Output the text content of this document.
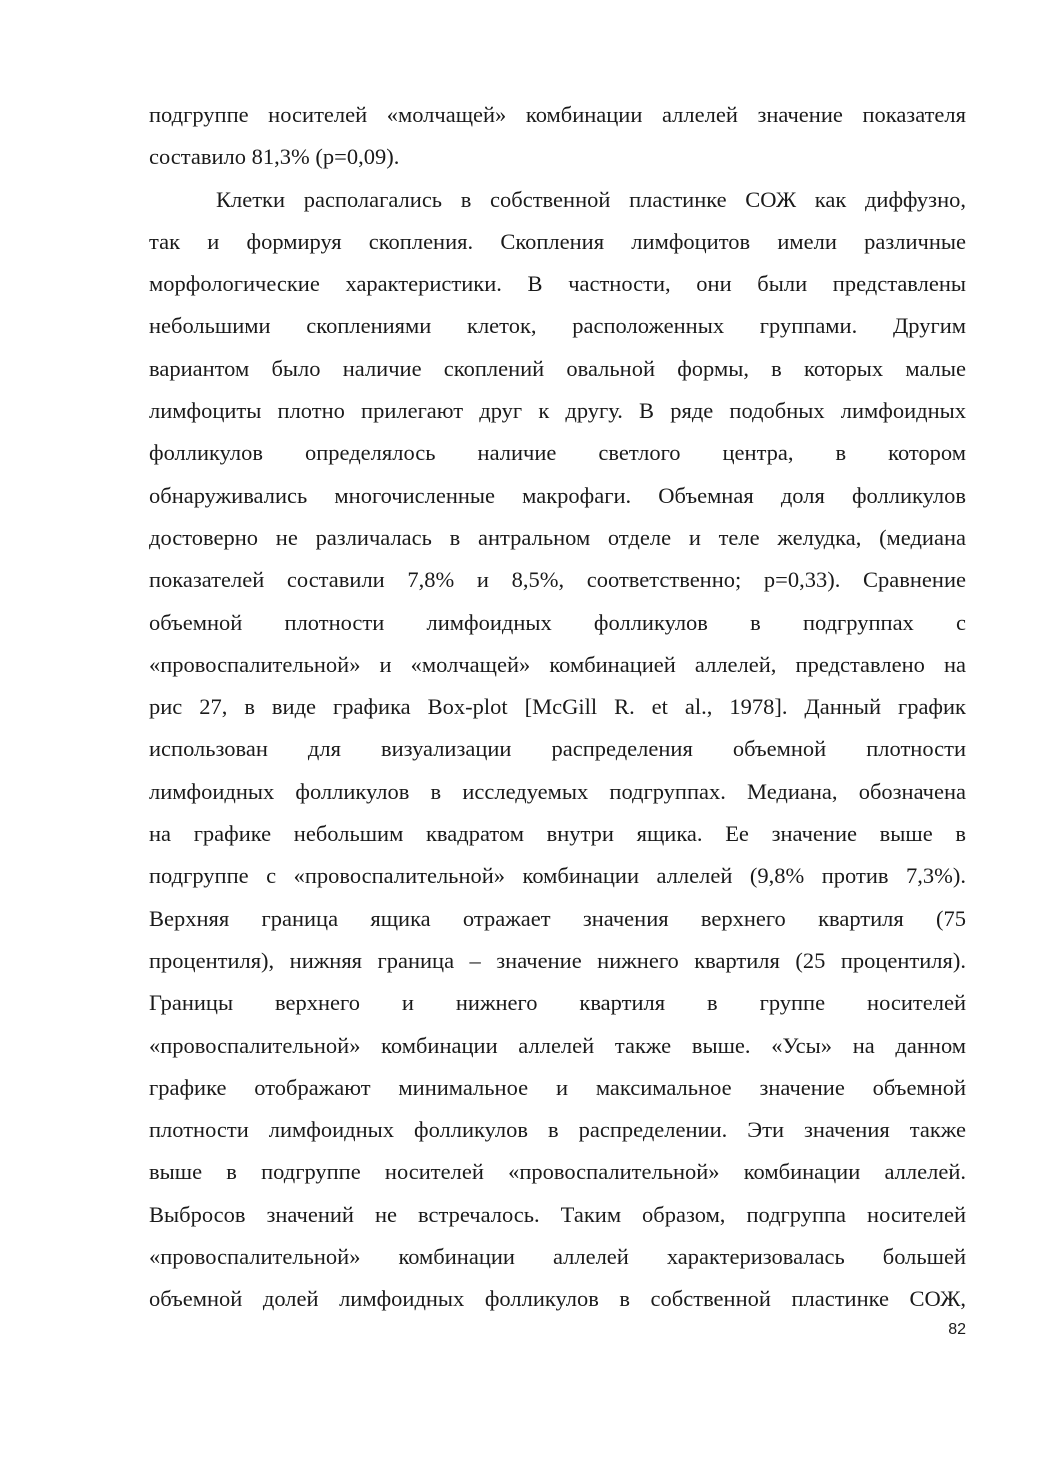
подгруппе носителей «молчащей» комбинации аллелей значение показателя
составило 81,3% (p=0,09).
Клетки располагались в собственной пластинке СОЖ как диффузно,
так и формируя скопления. Скопления лимфоцитов имели различные
морфологические характеристики. В частности, они были представлены
небольшими скоплениями клеток, расположенных группами. Другим
вариантом было наличие скоплений овальной формы, в которых малые
лимфоциты плотно прилегают друг к другу. В ряде подобных лимфоидных
фолликулов определялось наличие светлого центра, в котором
обнаруживались многочисленные макрофаги. Объемная доля фолликулов
достоверно не различалась в антральном отделе и теле желудка, (медиана
показателей составили 7,8% и 8,5%, соответственно; p=0,33). Сравнение
объемной плотности лимфоидных фолликулов в подгруппах с
«провоспалительной» и «молчащей» комбинацией аллелей, представлено на
рис 27, в виде графика Box-plot [McGill R. et al., 1978]. Данный график
использован для визуализации распределения объемной плотности
лимфоидных фолликулов в исследуемых подгруппах. Медиана, обозначена
на графике небольшим квадратом внутри ящика. Ее значение выше в
подгруппе с «провоспалительной» комбинации аллелей (9,8% против 7,3%).
Верхняя граница ящика отражает значения верхнего квартиля (75
процентиля), нижняя граница – значение нижнего квартиля (25 процентиля).
Границы верхнего и нижнего квартиля в группе носителей
«провоспалительной» комбинации аллелей также выше. «Усы» на данном
графике отображают минимальное и максимальное значение объемной
плотности лимфоидных фолликулов в распределении. Эти значения также
выше в подгруппе носителей «провоспалительной» комбинации аллелей.
Выбросов значений не встречалось. Таким образом, подгруппа носителей
«провоспалительной» комбинации аллелей характеризовалась большей
объемной долей лимфоидных фолликулов в собственной пластинке СОЖ,
82
